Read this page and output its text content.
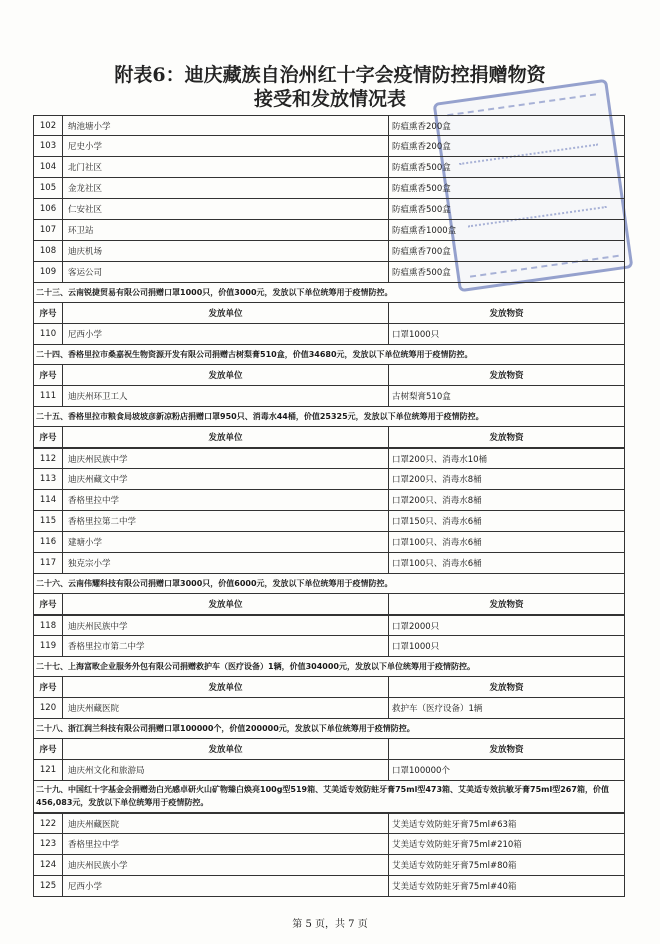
附表6：迪庆藏族自治州红十字会疫情防控捐赠物资
接受和发放情况表
102	纳池塘小学	防瘟熏香200盒
103	尼史小学	防瘟熏香200盒
104	北门社区	防瘟熏香500盒
105	金龙社区	防瘟熏香500盒
106	仁安社区	防瘟熏香500盒
107	环卫站	防瘟熏香1000盒
108	迪庆机场	防瘟熏香700盒
109	客运公司	防瘟熏香500盒
二十三、云南锐捷贸易有限公司捐赠口罩1000只，价值3000元，发放以下单位统筹用于疫情防控。
序号	发放单位	发放物资
110	尼西小学	口罩1000只
二十四、香格里拉市桑嘉祝生物资源开发有限公司捐赠古树梨膏510盒，价值34680元，发放以下单位统筹用于疫情防控。
序号	发放单位	发放物资
111	迪庆州环卫工人	古树梨膏510盒
二十五、香格里拉市粮食局坡坡彦新凉粉店捐赠口罩950只、消毒水44桶，价值25325元，发放以下单位统筹用于疫情防控。
序号	发放单位	发放物资
112	迪庆州民族中学	口罩200只、消毒水10桶
113	迪庆州藏文中学	口罩200只、消毒水8桶
114	香格里拉中学	口罩200只、消毒水8桶
115	香格里拉第二中学	口罩150只、消毒水6桶
116	建塘小学	口罩100只、消毒水6桶
117	独克宗小学	口罩100只、消毒水6桶
二十六、云南伟耀科技有限公司捐赠口罩3000只，价值6000元，发放以下单位统筹用于疫情防控。
序号	发放单位	发放物资
118	迪庆州民族中学	口罩2000只
119	香格里拉市第二中学	口罩1000只
二十七、上海富畋企业服务外包有限公司捐赠救护车（医疗设备）1辆，价值304000元，发放以下单位统筹用于疫情防控。
序号	发放单位	发放物资
120	迪庆州藏医院	救护车（医疗设备）1辆
二十八、浙江润兰科技有限公司捐赠口罩100000个，价值200000元，发放以下单位统筹用于疫情防控。
序号	发放单位	发放物资
121	迪庆州文化和旅游局	口罩100000个
二十九、中国红十字基金会捐赠劲白光感卓研火山矿物臻白焕亮100g型519箱、艾美适专效防蛀牙膏75ml型473箱、艾美适专效抗敏牙膏75ml型267箱，价值456,083元，发放以下单位统筹用于疫情防控。
122	迪庆州藏医院	艾美适专效防蛀牙膏75ml#63箱
123	香格里拉中学	艾美适专效防蛀牙膏75ml#210箱
124	迪庆州民族小学	艾美适专效防蛀牙膏75ml#80箱
125	尼西小学	艾美适专效防蛀牙膏75ml#40箱
第 5 页，共 7 页
